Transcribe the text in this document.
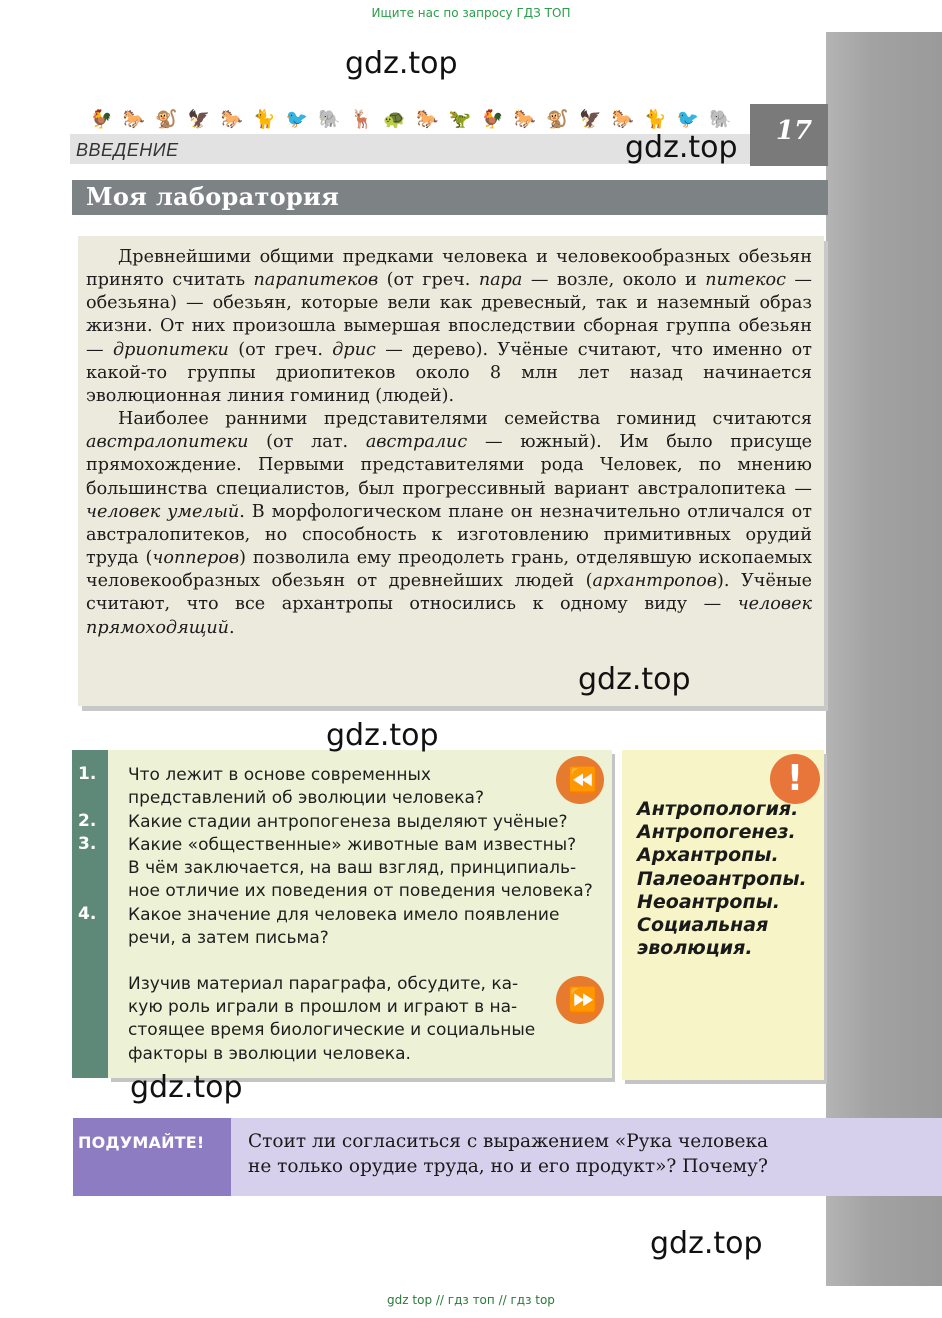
Ищите нас по запросу ГДЗ ТОП
🐓 🐎 🐒 🦅 🐎 🐈 🐦 🐘 🦌 🐢 🐎 🦖 🐓 🐎 🐒 🦅 🐎 🐈 🐦 🐘
ВВЕДЕНИЕ
17
Моя лаборатория

Древнейшими общими предками человека и человекообразных обезьян принято считать парапитеков (от греч. пара — возле, около и питекос — обезьяна) — обезьян, которые вели как древесный, так и наземный образ жизни. От них произошла вымершая впоследствии сборная группа обезьян — дриопитеки (от греч. дрис — дерево). Учёные считают, что именно от какой-то группы дриопитеков около 8 млн лет назад начинается эволюционная линия гоминид (людей).

Наиболее ранними представителями семейства гоминид считаются австралопитеки (от лат. австралис — южный). Им было присуще прямохождение. Первыми представителями рода Человек, по мнению большинства специалистов, был прогрессивный вариант австралопитека — человек умелый. В морфологическом плане он незначительно отличался от австралопитеков, но способность к изготовлению примитивных орудий труда (чопперов) позволила ему преодолеть грань, отделявшую ископаемых человекообразных обезьян от древнейших людей (архантропов). Учёные считают, что все архантропы относились к одному виду — человек прямоходящий.

1. Что лежит в основе современных
представлений об эволюции человека?
2. Какие стадии антропогенеза выделяют учёные?
3. Какие «общественные» животные вам известны?
В чём заключается, на ваш взгляд, принципиаль-
ное отличие их поведения от поведения человека?
4. Какое значение для человека имело появление
речи, а затем письма?
Изучив материал параграфа, обсудите, ка-
кую роль играли в прошлом и играют в на-
стоящее время биологические и социальные
факторы в эволюции человека.
⏪
⏩
!
Антропология.
Антропогенез.
Архантропы.
Палеоантропы.
Неоантропы.
Социальная
эволюция.
ПОДУМАЙТЕ! Стоит ли согласиться с выражением «Рука человека
не только орудие труда, но и его продукт»? Почему?
gdz.top
gdz.top
gdz.top
gdz.top
gdz.top
gdz.top
gdz top // гдз топ // гдз top
